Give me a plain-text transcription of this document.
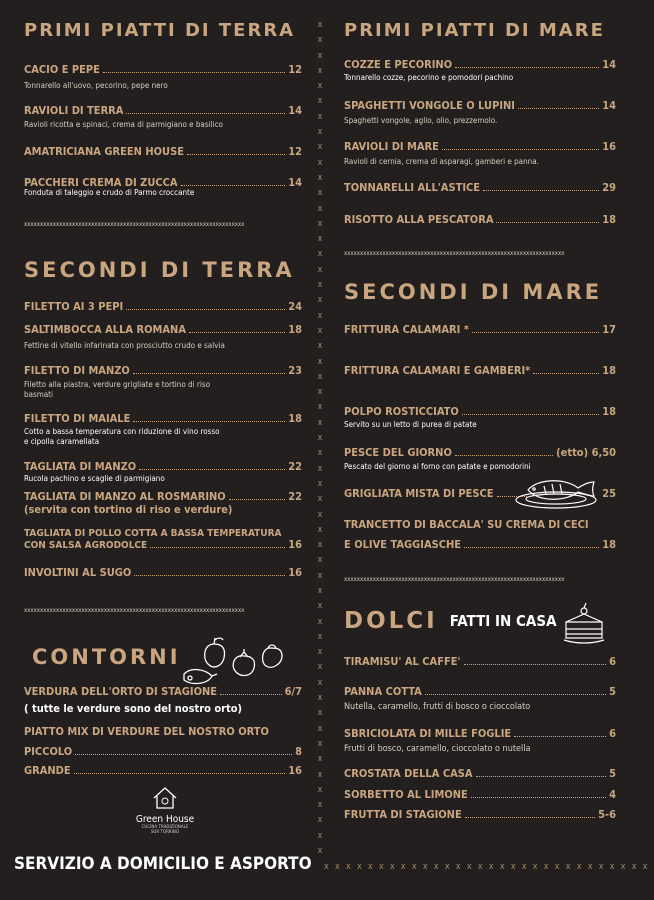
x
x
x
x
x
x
x
x
x
x
x
x
x
x
x
x
x
x
x
x
x
x
x
x
x
x
x
x
x
x
x
x
x
x
x
x
x
x
x
x
x
x
x
x
x
x
x
x
x
x
x
x
x
x
x
PRIMI PIATTI DI TERRA
CACIO E PEPE	12
Tonnarello all'uovo, pecorino, pepe nero
RAVIOLI DI TERRA	14
Ravioli ricotta e spinaci, crema di parmigiano e basilico
AMATRICIANA GREEN HOUSE	12
PACCHERI CREMA DI ZUCCA	14
Fonduta di taleggio e crudo di Parmo croccante
xxxxxxxxxxxxxxxxxxxxxxxxxxxxxxxxxxxxxxxxxxxxxxxxxxxxxxxxxxxxxxxxxxxxx
SECONDI DI TERRA
FILETTO AI 3 PEPI	24
SALTIMBOCCA ALLA ROMANA	18
Fettine di vitello infarinata con prosciutto crudo e salvia
FILETTO DI MANZO	23
Filetto alla piastra, verdure grigliate e tortino di riso
basmati
FILETTO DI MAIALE	18
Cotto a bassa temperatura con riduzione di vino rosso
e cipolla caramellata
TAGLIATA DI MANZO	22
Rucola pachino e scaglie di parmigiano
TAGLIATA DI MANZO AL ROSMARINO	22
(servita con tortino di riso e verdure)
TAGLIATA DI POLLO COTTA A BASSA TEMPERATURA
CON SALSA AGRODOLCE	16
INVOLTINI AL SUGO	16
xxxxxxxxxxxxxxxxxxxxxxxxxxxxxxxxxxxxxxxxxxxxxxxxxxxxxxxxxxxxxxxxxxxxx
CONTORNI
VERDURA DELL'ORTO DI STAGIONE	6/7
( tutte le verdure sono del nostro orto)
PIATTO MIX DI VERDURE DEL NOSTRO ORTO
PICCOLO	8
GRANDE	16
Green House
CUCINA TRADIZIONALE
SUR TORRINO
SERVIZIO A DOMICILIO E ASPORTO xxxxxxxxxxxxxxxxxxxxxxxxxxxxxx
PRIMI PIATTI DI MARE
COZZE E PECORINO	14
Tonnarello cozze, pecorino e pomodori pachino
SPAGHETTI VONGOLE O LUPINI	14
Spaghetti vongole, aglio, olio, prezzemolo.
RAVIOLI DI MARE	16
Ravioli di cernia, crema di asparagi, gamberi e panna.
TONNARELLI ALL'ASTICE	29
RISOTTO ALLA PESCATORA	18
xxxxxxxxxxxxxxxxxxxxxxxxxxxxxxxxxxxxxxxxxxxxxxxxxxxxxxxxxxxxxxxxxxxxx
SECONDI DI MARE
FRITTURA CALAMARI *	17
FRITTURA CALAMARI E GAMBERI*	18
POLPO ROSTICCIATO	18
Servito su un letto di purea di patate
PESCE DEL GIORNO	(etto) 6,50
Pescato del giorno al forno con patate e pomodorini
GRIGLIATA MISTA DI PESCE	25
TRANCETTO DI BACCALA' SU CREMA DI CECI
E OLIVE TAGGIASCHE	18
xxxxxxxxxxxxxxxxxxxxxxxxxxxxxxxxxxxxxxxxxxxxxxxxxxxxxxxxxxxxxxxxxxxxx
DOLCI FATTI IN CASA
TIRAMISU' AL CAFFE'	6
PANNA COTTA	5
Nutella, caramello, frutti di bosco o cioccolato
SBRICIOLATA DI MILLE FOGLIE	6
Frutti di bosco, caramello, cioccolato o nutella
CROSTATA DELLA CASA	5
SORBETTO AL LIMONE	4
FRUTTA DI STAGIONE	5-6
